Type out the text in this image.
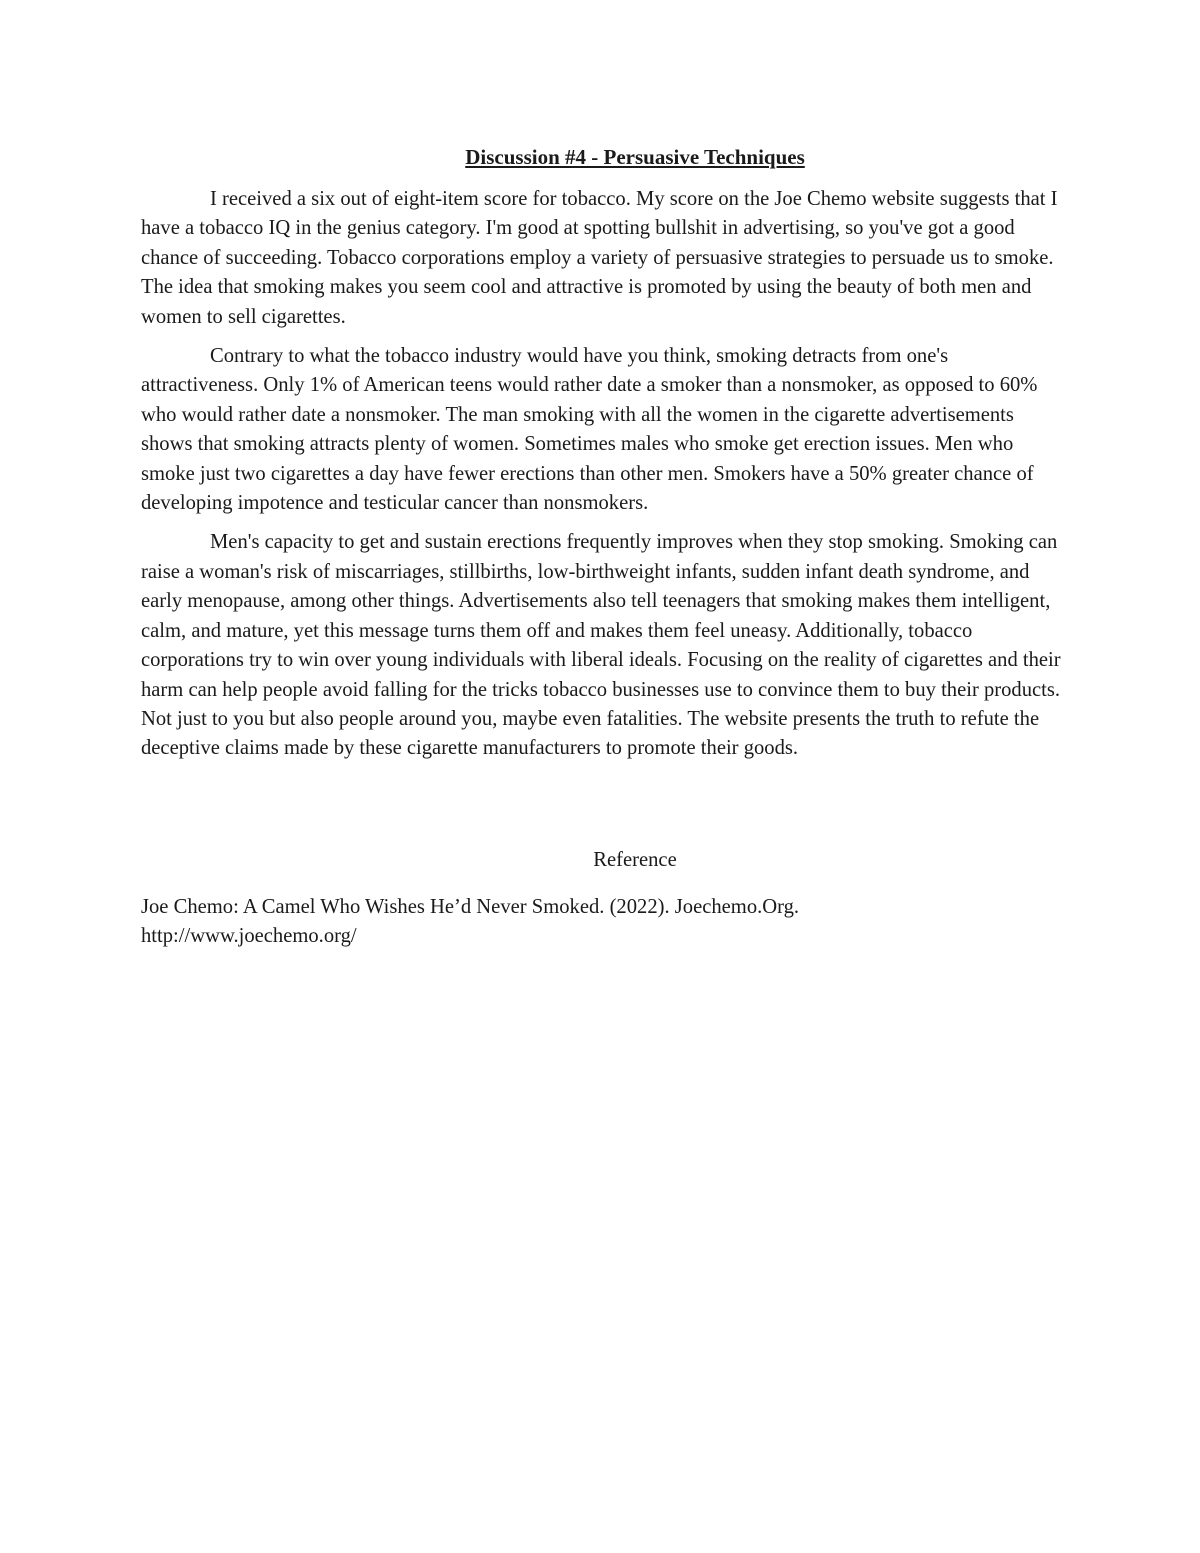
Discussion #4 - Persuasive Techniques

I received a six out of eight-item score for tobacco. My score on the Joe Chemo website suggests that I have a tobacco IQ in the genius category. I'm good at spotting bullshit in advertising, so you've got a good chance of succeeding. Tobacco corporations employ a variety of persuasive strategies to persuade us to smoke. The idea that smoking makes you seem cool and attractive is promoted by using the beauty of both men and women to sell cigarettes.

Contrary to what the tobacco industry would have you think, smoking detracts from one's attractiveness. Only 1% of American teens would rather date a smoker than a nonsmoker, as opposed to 60% who would rather date a nonsmoker. The man smoking with all the women in the cigarette advertisements shows that smoking attracts plenty of women. Sometimes males who smoke get erection issues. Men who smoke just two cigarettes a day have fewer erections than other men. Smokers have a 50% greater chance of developing impotence and testicular cancer than nonsmokers.

Men's capacity to get and sustain erections frequently improves when they stop smoking. Smoking can raise a woman's risk of miscarriages, stillbirths, low-birthweight infants, sudden infant death syndrome, and early menopause, among other things. Advertisements also tell teenagers that smoking makes them intelligent, calm, and mature, yet this message turns them off and makes them feel uneasy. Additionally, tobacco corporations try to win over young individuals with liberal ideals. Focusing on the reality of cigarettes and their harm can help people avoid falling for the tricks tobacco businesses use to convince them to buy their products. Not just to you but also people around you, maybe even fatalities. The website presents the truth to refute the deceptive claims made by these cigarette manufacturers to promote their goods.

Reference
Joe Chemo: A Camel Who Wishes He’d Never Smoked. (2022). Joechemo.Org.
http://www.joechemo.org/
